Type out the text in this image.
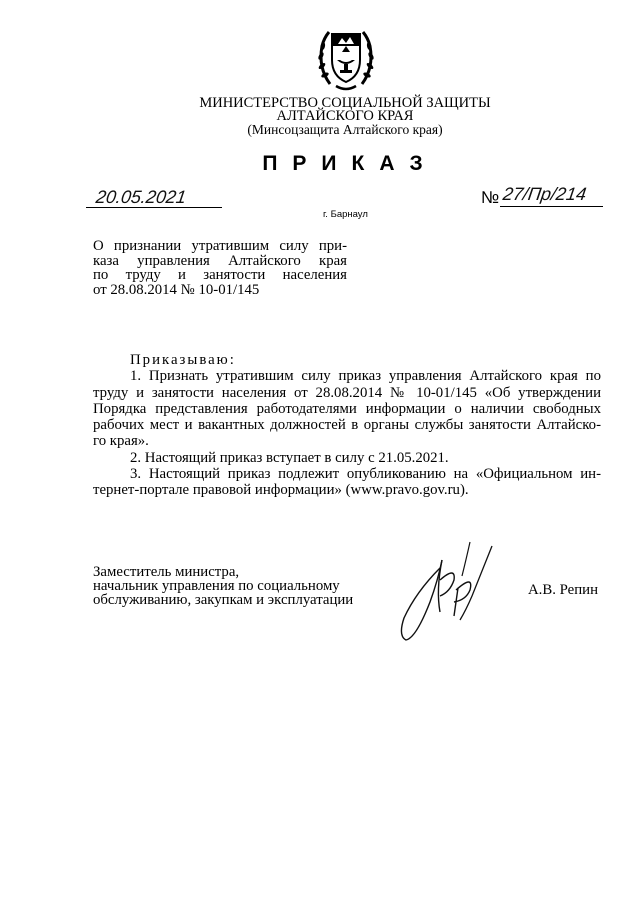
МИНИСТЕРСТВО СОЦИАЛЬНОЙ ЗАЩИТЫ
АЛТАЙСКОГО КРАЯ
(Минсоцзащита Алтайского края)
ПРИКАЗ
20.05.2021	№ 27/Пр/214
г. Барнаул
О признании утратившим силу при-
каза управления Алтайского края
по труду и занятости населения
от 28.08.2014 № 10-01/145

Приказываю:

1. Признать утратившим силу приказ управления Алтайского края по

труду и занятости населения от 28.08.2014 № 10-01/145 «Об утверждении

Порядка представления работодателями информации о наличии свободных

рабочих мест и вакантных должностей в органы службы занятости Алтайско-

го края».

2. Настоящий приказ вступает в силу с 21.05.2021.

3. Настоящий приказ подлежит опубликованию на «Официальном ин-

тернет-портале правовой информации» (www.pravo.gov.ru).

Заместитель министра,
начальник управления по социальному
обслуживанию, закупкам и эксплуатации
А.В. Репин
